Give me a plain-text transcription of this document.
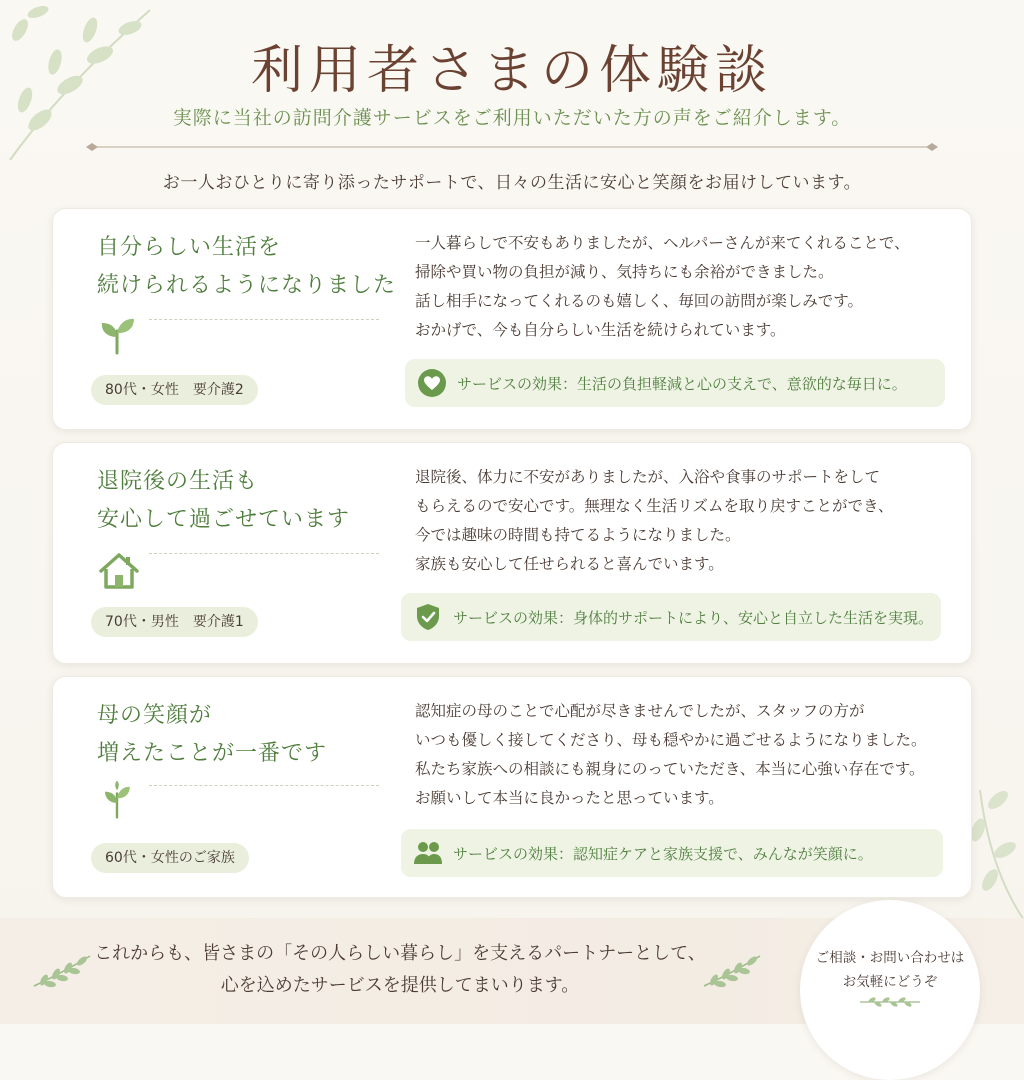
利用者さまの体験談
実際に当社の訪問介護サービスをご利用いただいた方の声をご紹介します。
お一人おひとりに寄り添ったサポートで、日々の生活に安心と笑顔をお届けしています。
自分らしい生活を
続けられるようになりました
80代・女性　要介護2
一人暮らしで不安もありましたが、ヘルパーさんが来てくれることで、
掃除や買い物の負担が減り、気持ちにも余裕ができました。
話し相手になってくれるのも嬉しく、毎回の訪問が楽しみです。
おかげで、今も自分らしい生活を続けられています。
サービスの効果：生活の負担軽減と心の支えで、意欲的な毎日に。
退院後の生活も
安心して過ごせています
70代・男性　要介護1
退院後、体力に不安がありましたが、入浴や食事のサポートをして
もらえるので安心です。無理なく生活リズムを取り戻すことができ、
今では趣味の時間も持てるようになりました。
家族も安心して任せられると喜んでいます。
サービスの効果：身体的サポートにより、安心と自立した生活を実現。
母の笑顔が
増えたことが一番です
60代・女性のご家族
認知症の母のことで心配が尽きませんでしたが、スタッフの方が
いつも優しく接してくださり、母も穏やかに過ごせるようになりました。
私たち家族への相談にも親身にのっていただき、本当に心強い存在です。
お願いして本当に良かったと思っています。
サービスの効果：認知症ケアと家族支援で、みんなが笑顔に。
これからも、皆さまの「その人らしい暮らし」を支えるパートナーとして、
心を込めたサービスを提供してまいります。
ご相談・お問い合わせは
お気軽にどうぞ
